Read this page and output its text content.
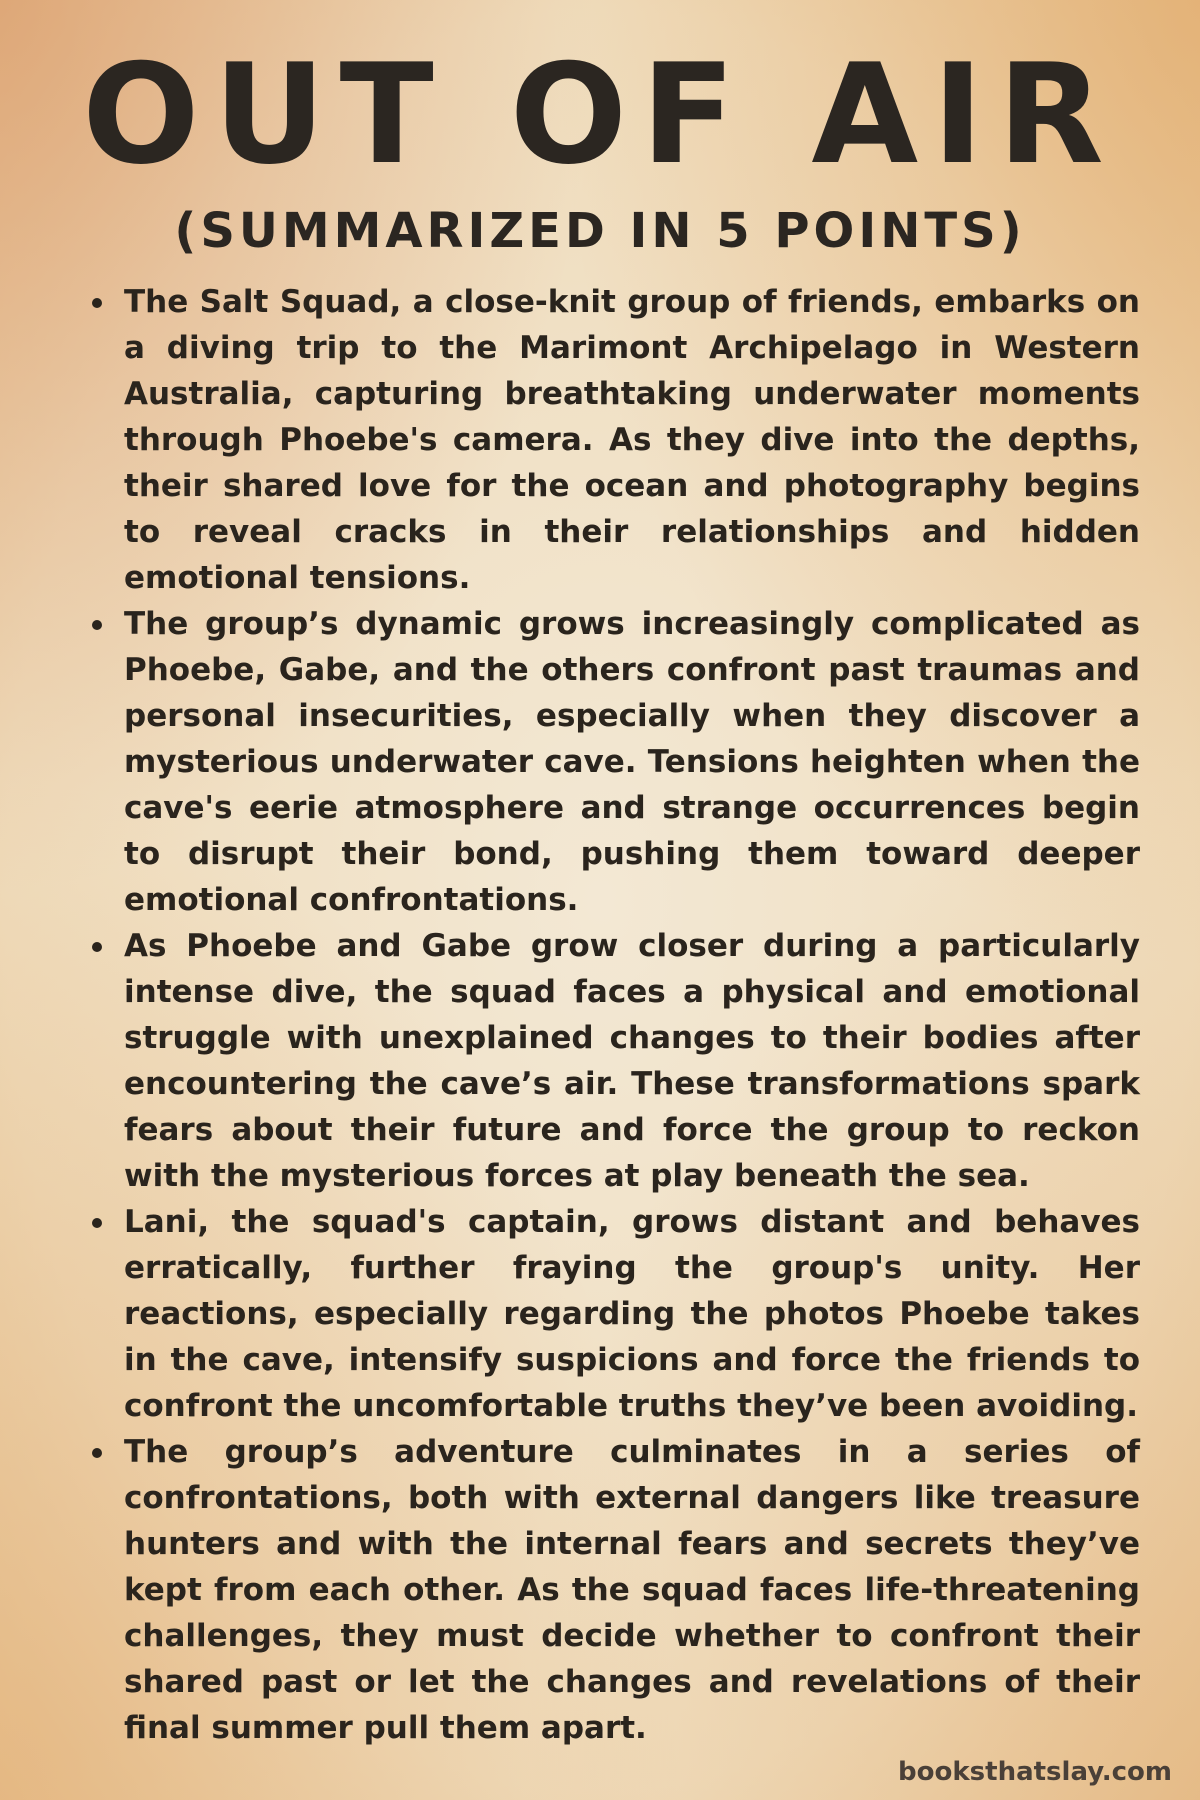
OUT OF AIR
(SUMMARIZED IN 5 POINTS)
The Salt Squad, a close-knit group of friends, embarks on a diving trip to the Marimont Archipelago in Western Australia, capturing breathtaking underwater moments through Phoebe's camera. As they dive into the depths, their shared love for the ocean and photography begins to reveal cracks in their relationships and hidden emotional tensions.
The group’s dynamic grows increasingly complicated as Phoebe, Gabe, and the others confront past traumas and personal insecurities, especially when they discover a mysterious underwater cave. Tensions heighten when the cave's eerie atmosphere and strange occurrences begin to disrupt their bond, pushing them toward deeper emotional confrontations.
As Phoebe and Gabe grow closer during a particularly intense dive, the squad faces a physical and emotional struggle with unexplained changes to their bodies after encountering the cave’s air. These transformations spark fears about their future and force the group to reckon with the mysterious forces at play beneath the sea.
Lani, the squad's captain, grows distant and behaves erratically, further fraying the group's unity. Her reactions, especially regarding the photos Phoebe takes in the cave, intensify suspicions and force the friends to confront the uncomfortable truths they’ve been avoiding.
The group’s adventure culminates in a series of confrontations, both with external dangers like treasure hunters and with the internal fears and secrets they’ve kept from each other. As the squad faces life-threatening challenges, they must decide whether to confront their shared past or let the changes and revelations of their final summer pull them apart.
booksthatslay.com
